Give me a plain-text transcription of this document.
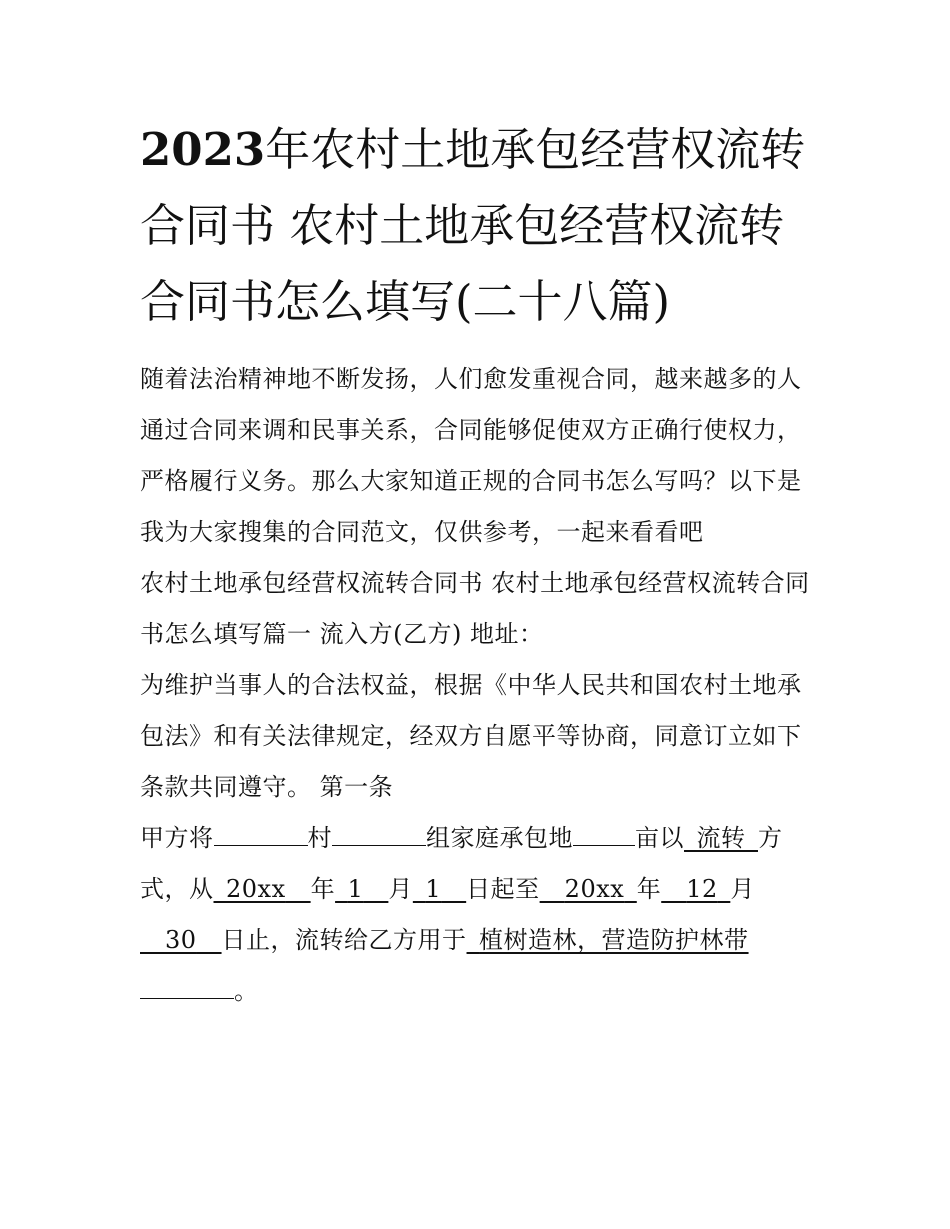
2023年农村土地承包经营权流转合同书 农村土地承包经营权流转合同书怎么填写(二十八篇)

随着法治精神地不断发扬，人们愈发重视合同，越来越多的人通过合同来调和民事关系，合同能够促使双方正确行使权力，严格履行义务。那么大家知道正规的合同书怎么写吗？以下是我为大家搜集的合同范文，仅供参考，一起来看看吧

农村土地承包经营权流转合同书 农村土地承包经营权流转合同书怎么填写篇一 流入方(乙方) 地址：

为维护当事人的合法权益，根据《中华人民共和国农村土地承包法》和有关法律规定，经双方自愿平等协商，同意订立如下条款共同遵守。 第一条

甲方将	村	组家庭承包地	亩以_流转_方式，从_20xx__年_1__月_1__日起至__20xx_年__12_月
__30__日止，流转给乙方用于_植树造林，营造防护林带
。
